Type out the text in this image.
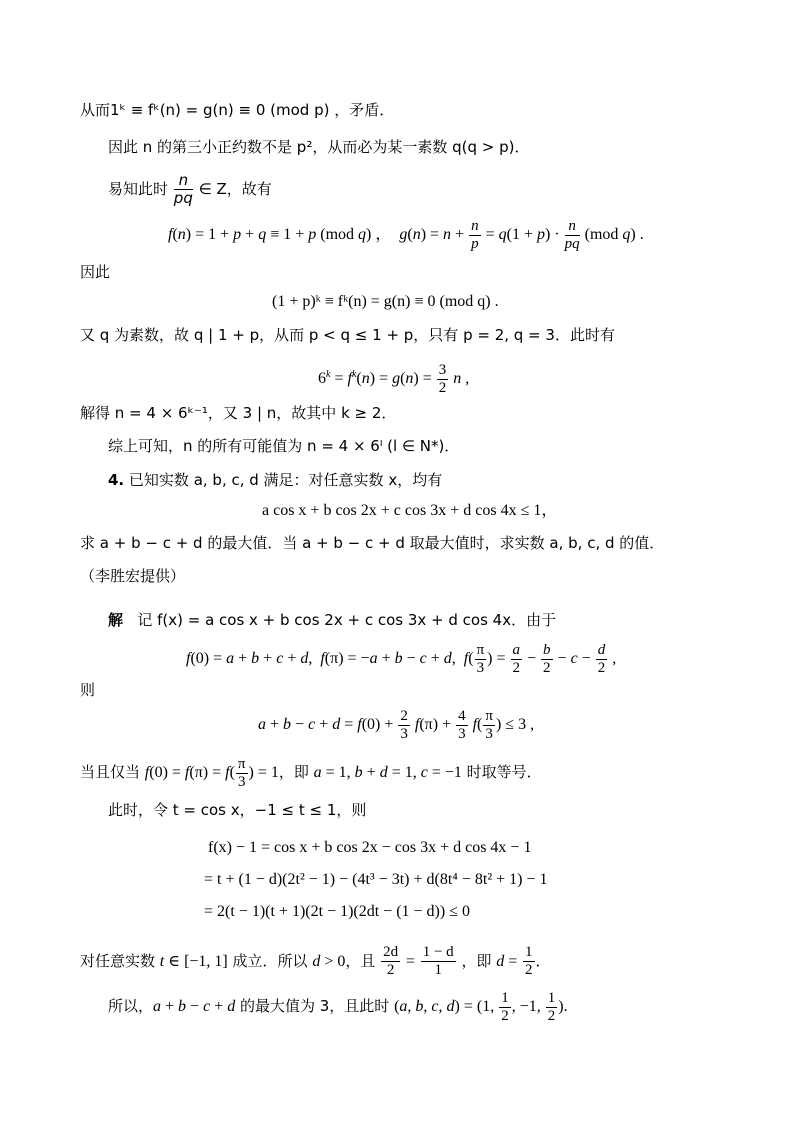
从而1ᵏ ≡ fᵏ(n) = g(n) ≡ 0 (mod p) ，矛盾．
因此 n 的第三小正约数不是 p²，从而必为某一素数 q(q > p)．
易知此时 $\frac{n}{pq}$ ∈ Z，故有
f(n) = 1 + p + q ≡ 1 + p (mod q) ，  $g(n) = n + \frac{n}{p} = q(1 + p) \cdot \frac{n}{pq} (mod$ q) .
因此
(1 + p)ᵏ ≡ fᵏ(n) = g(n) ≡ 0 (mod q) .
又 q 为素数，故 q | 1 + p，从而 p < q ≤ 1 + p，只有 p = 2, q = 3．此时有
$6^k = f^k(n) = g(n) = \frac{3}{2}$ n ,
解得 n = 4 × 6ᵏ⁻¹，又 3 | n，故其中 k ≥ 2．
综上可知，n 的所有可能值为 n = 4 × 6ˡ (l ∈ N*)．
4. 已知实数 a, b, c, d 满足：对任意实数 x，均有
a cos x + b cos 2x + c cos 3x + d cos 4x ≤ 1，
求 a + b − c + d 的最大值．当 a + b − c + d 取最大值时，求实数 a, b, c, d 的值．
（李胜宏提供）
解 记 f(x) = a cos x + b cos 2x + c cos 3x + d cos 4x．由于
f(0) = a + b + c + d,  f(π) = −a + b − c + d,  $f( \frac{\pi}{3}$ ) = $\frac{a}{2} - \frac{b}{2} - c - \frac{d}{2}$ ,
则
$a + b - c + d = f(0) + \frac{2}{3} f(\pi) + \frac{4}{3} f( \frac{\pi}{3}$ ) ≤ 3 ,
当且仅当 $f(0) = f(\pi) = f( \frac{\pi}{3}$ ) = 1，即 a = 1, b + d = 1, c = −1 时取等号．
此时，令 t = cos x，−1 ≤ t ≤ 1，则
f(x) − 1 = cos x + b cos 2x − cos 3x + d cos 4x − 1
= t + (1 − d)(2t² − 1) − (4t³ − 3t) + d(8t⁴ − 8t² + 1) − 1
= 2(t − 1)(t + 1)(2t − 1)(2dt − (1 − d)) ≤ 0
对任意实数 t ∈ [−1, 1] 成立．所以 d > 0，且 $\frac{2d}{2} = \frac{1 - d}{1}$ ，即 $d = \frac{1}{2}$ ．
所以，a + b − c + d 的最大值为 3，且此时 (a, b, c, d) = (1, $\frac{1}{2}$ , −1, $\frac{1}{2}$ ).
